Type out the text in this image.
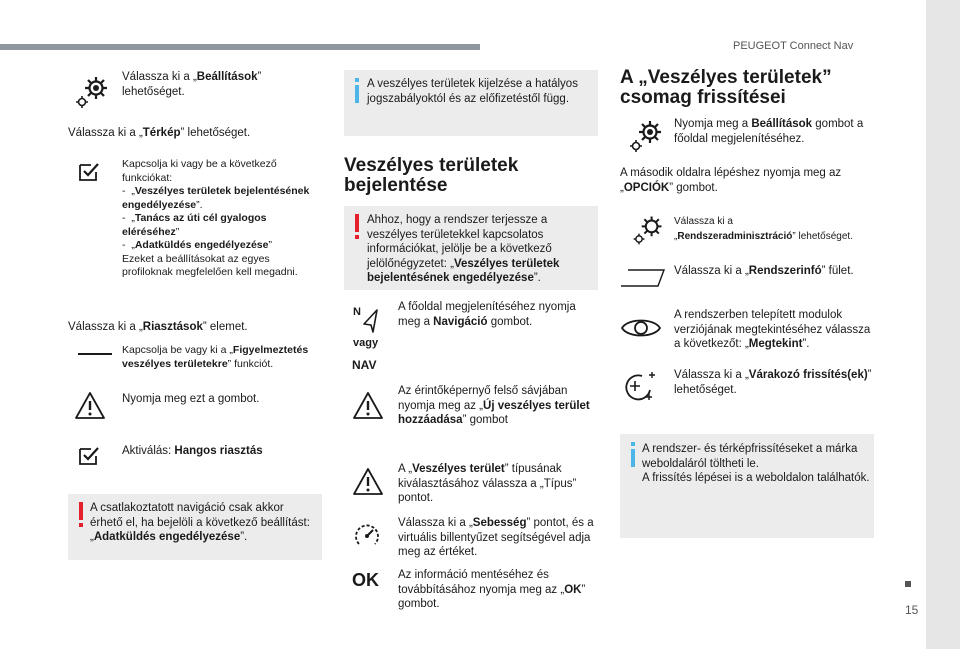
PEUGEOT Connect Nav
15
Válassza ki a „Beállítások” lehetőséget.
Válassza ki a „Térkép” lehetőséget.
Kapcsolja ki vagy be a következő funkciókat:
-  „Veszélyes területek bejelentésének engedélyezése”.
-  „Tanács az úti cél gyalogos eléréséhez”
-  „Adatküldés engedélyezése”
Ezeket a beállításokat az egyes profiloknak megfelelően kell megadni.
Válassza ki a „Riasztások” elemet.
Kapcsolja be vagy ki a „Figyelmeztetés veszélyes területekre” funkciót.
Nyomja meg ezt a gombot.
Aktiválás: Hangos riasztás
A csatlakoztatott navigáció csak akkor érhető el, ha bejelöli a következő beállítást: „Adatküldés engedélyezése”.
A veszélyes területek kijelzése a hatályos jogszabályoktól és az előfizetéstől függ.
Veszélyes területek
bejelentése
Ahhoz, hogy a rendszer terjessze a veszélyes területekkel kapcsolatos információkat, jelölje be a következő jelölőnégyzetet: „Veszélyes területek bejelentésének engedélyezése”.
N
vagy
NAV
A főoldal megjelenítéséhez nyomja meg a Navigáció gombot.
Az érintőképernyő felső sávjában nyomja meg az „Új veszélyes terület hozzáadása” gombot
A „Veszélyes terület” típusának kiválasztásához válassza a „Típus” pontot.
Válassza ki a „Sebesség” pontot, és a virtuális billentyűzet segítségével adja meg az értéket.
OK Az információ mentéséhez és továbbításához nyomja meg az „OK” gombot.
A „Veszélyes területek”
csomag frissítései
Nyomja meg a Beállítások gombot a főoldal megjelenítéséhez.
A második oldalra lépéshez nyomja meg az „OPCIÓK” gombot.
Válassza ki a
„Rendszeradminisztráció” lehetőséget.
Válassza ki a „Rendszerinfó” fület.
A rendszerben telepített modulok verziójának megtekintéséhez válassza a következőt: „Megtekint”.
Válassza ki a „Várakozó frissítés(ek)” lehetőséget.
A rendszer- és térképfrissítéseket a márka weboldaláról töltheti le.
A frissítés lépései is a weboldalon találhatók.
